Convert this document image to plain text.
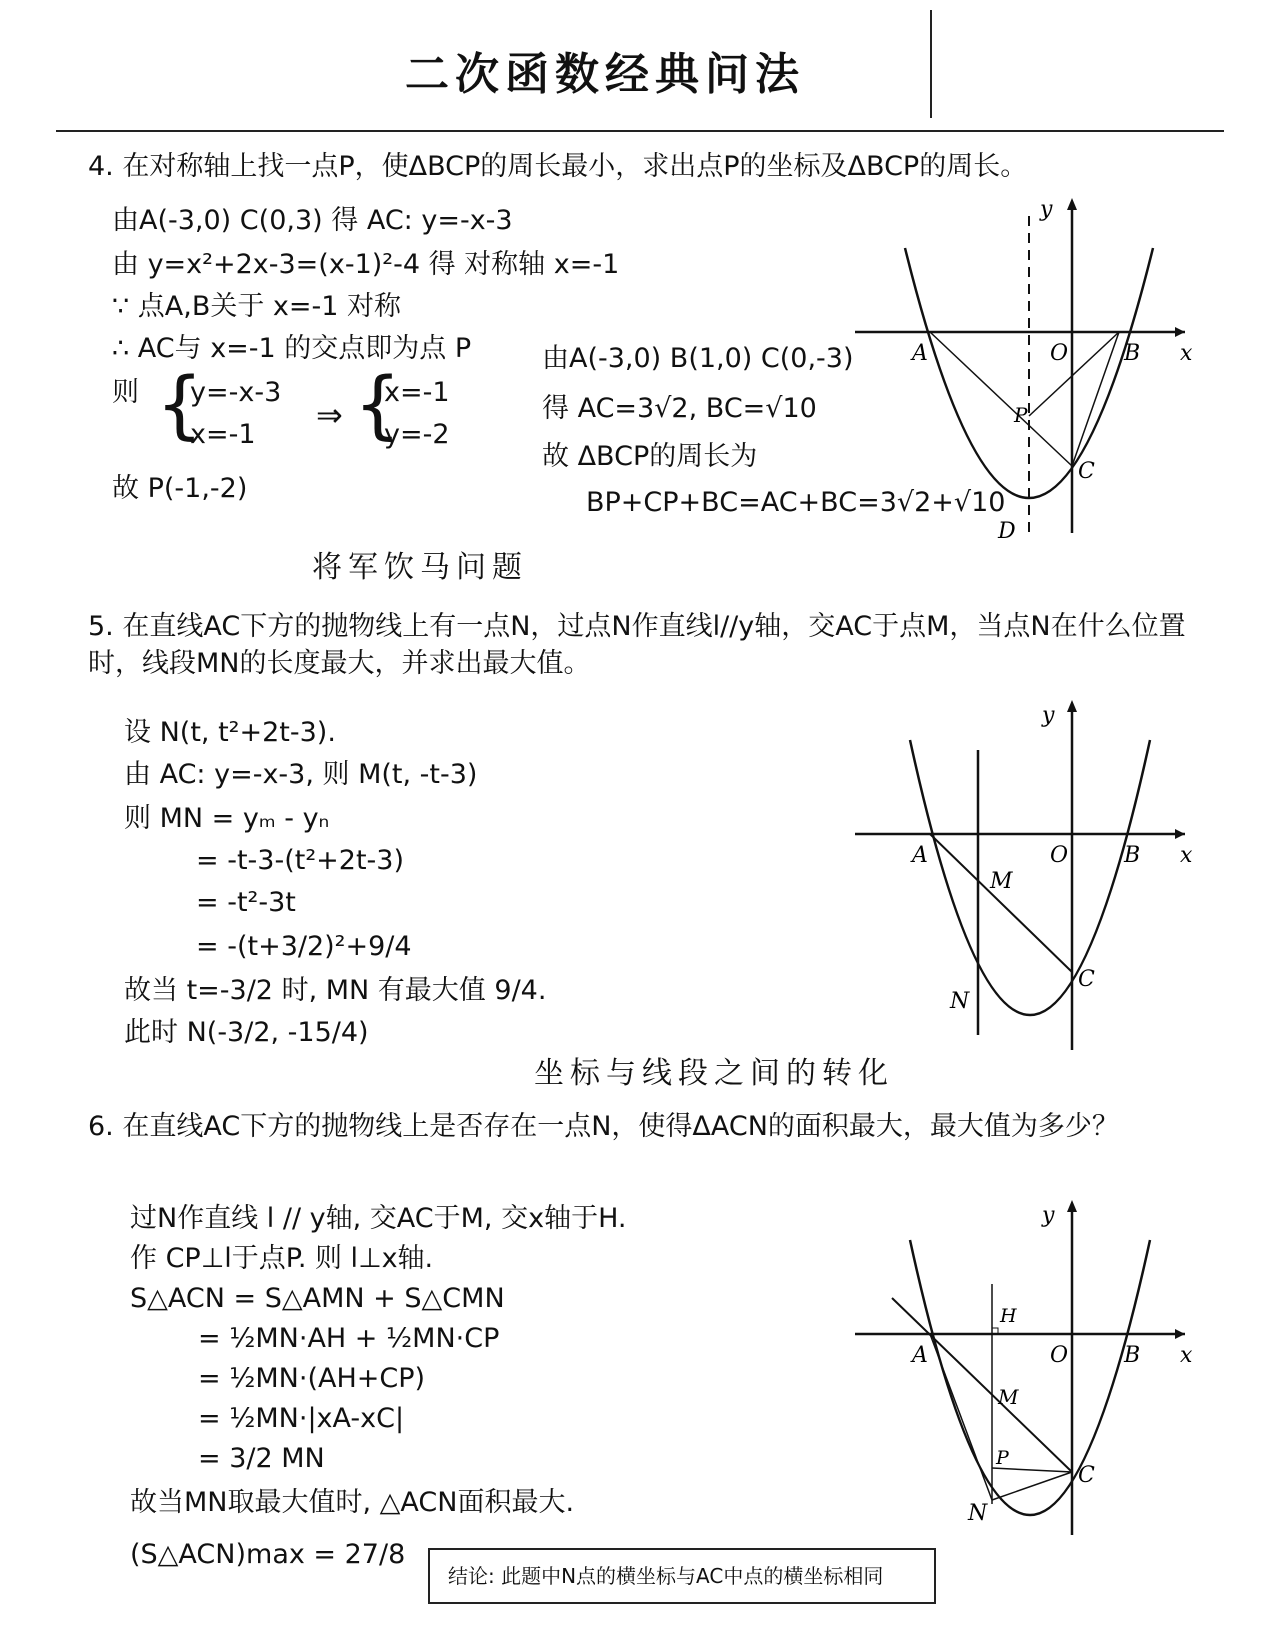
二次函数经典问法
4. 在对称轴上找一点P，使ΔBCP的周长最小，求出点P的坐标及ΔBCP的周长。
由A(-3,0) C(0,3) 得 AC: y=-x-3
由 y=x²+2x-3=(x-1)²-4 得 对称轴 x=-1
∵ 点A,B关于 x=-1 对称
∴ AC与 x=-1 的交点即为点 P
则 {
y=-x-3
x=-1
⇒ {
x=-1
y=-2
故 P(-1,-2)
由A(-3,0) B(1,0) C(0,-3)
得 AC=3√2, BC=√10
故 ΔBCP的周长为
BP+CP+BC=AC+BC=3√2+√10
将军饮马问题
y
x
A	O	B
P
C
D
5. 在直线AC下方的抛物线上有一点N，过点N作直线l//y轴，交AC于点M，当点N在什么位置时，线段MN的长度最大，并求出最大值。
设 N(t, t²+2t-3).
由 AC: y=-x-3, 则 M(t, -t-3)
则 MN = yₘ - yₙ
= -t-3-(t²+2t-3)
= -t²-3t
= -(t+3/2)²+9/4
故当 t=-3/2 时, MN 有最大值 9/4.
此时 N(-3/2, -15/4)
坐标与线段之间的转化
y
x
A	O	B
M
C
N
6. 在直线AC下方的抛物线上是否存在一点N，使得ΔACN的面积最大，最大值为多少？
过N作直线 l // y轴, 交AC于M, 交x轴于H.
作 CP⊥l于点P. 则 l⊥x轴.
S△ACN = S△AMN + S△CMN
= ½MN·AH + ½MN·CP
= ½MN·(AH+CP)
= ½MN·|xA-xC|
= 3/2 MN
故当MN取最大值时, △ACN面积最大.
(S△ACN)max = 27/8
结论: 此题中N点的横坐标与AC中点的横坐标相同
y
x
A	O	B
H
M
P
C
N
